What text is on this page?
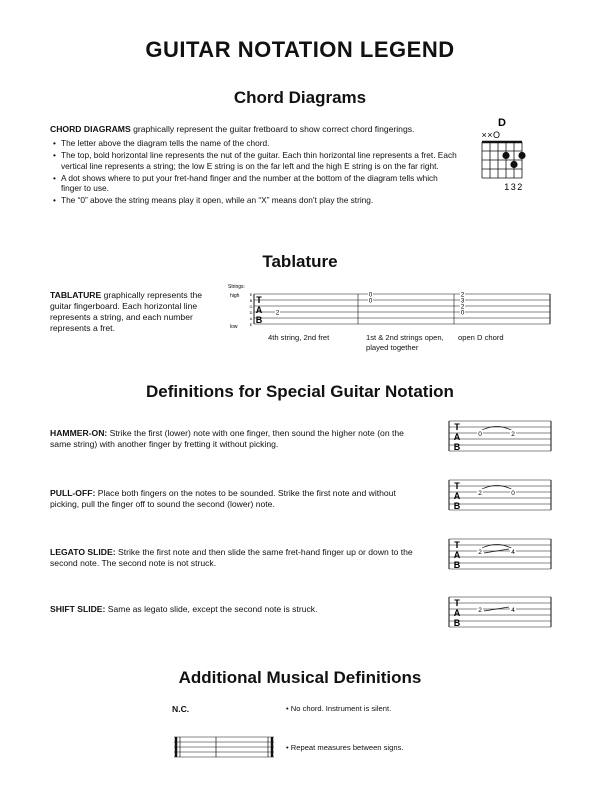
GUITAR NOTATION LEGEND
Chord Diagrams
CHORD DIAGRAMS graphically represent the guitar fretboard to show correct chord fingerings.
• The letter above the diagram tells the name of the chord.
• The top, bold horizontal line represents the nut of the guitar. Each thin horizontal line represents a fret. Each vertical line represents a string; the low E string is on the far left and the high E string is on the far right.
• A dot shows where to put your fret-hand finger and the number at the bottom of the diagram tells which finger to use.
• The “0” above the string means play it open, while an “X” means don’t play the string.
D
××O
132
Tablature
TABLATURE graphically represents the guitar fingerboard. Each horizontal line represents a string, and each number represents a fret.
Strings:
high
low
E
B
G
D
A
E
T
A
B
2
0
0
2
3
2
0
4th string, 2nd fret	1st & 2nd strings open, played together
open D chord
Definitions for Special Guitar Notation
HAMMER-ON: Strike the first (lower) note with one finger, then sound the higher note (on the same string) with another finger by fretting it without picking.
T
A
B
0	2
PULL-OFF: Place both fingers on the notes to be sounded. Strike the first note and without picking, pull the finger off to sound the second (lower) note.
T
A
B
2	0
LEGATO SLIDE: Strike the first note and then slide the same fret-hand finger up or down to the second note. The second note is not struck.
T
A
B
2	4
SHIFT SLIDE: Same as legato slide, except the second note is struck.
T
A
B
2	4
Additional Musical Definitions
N.C.	• No chord. Instrument is silent.
• Repeat measures between signs.
